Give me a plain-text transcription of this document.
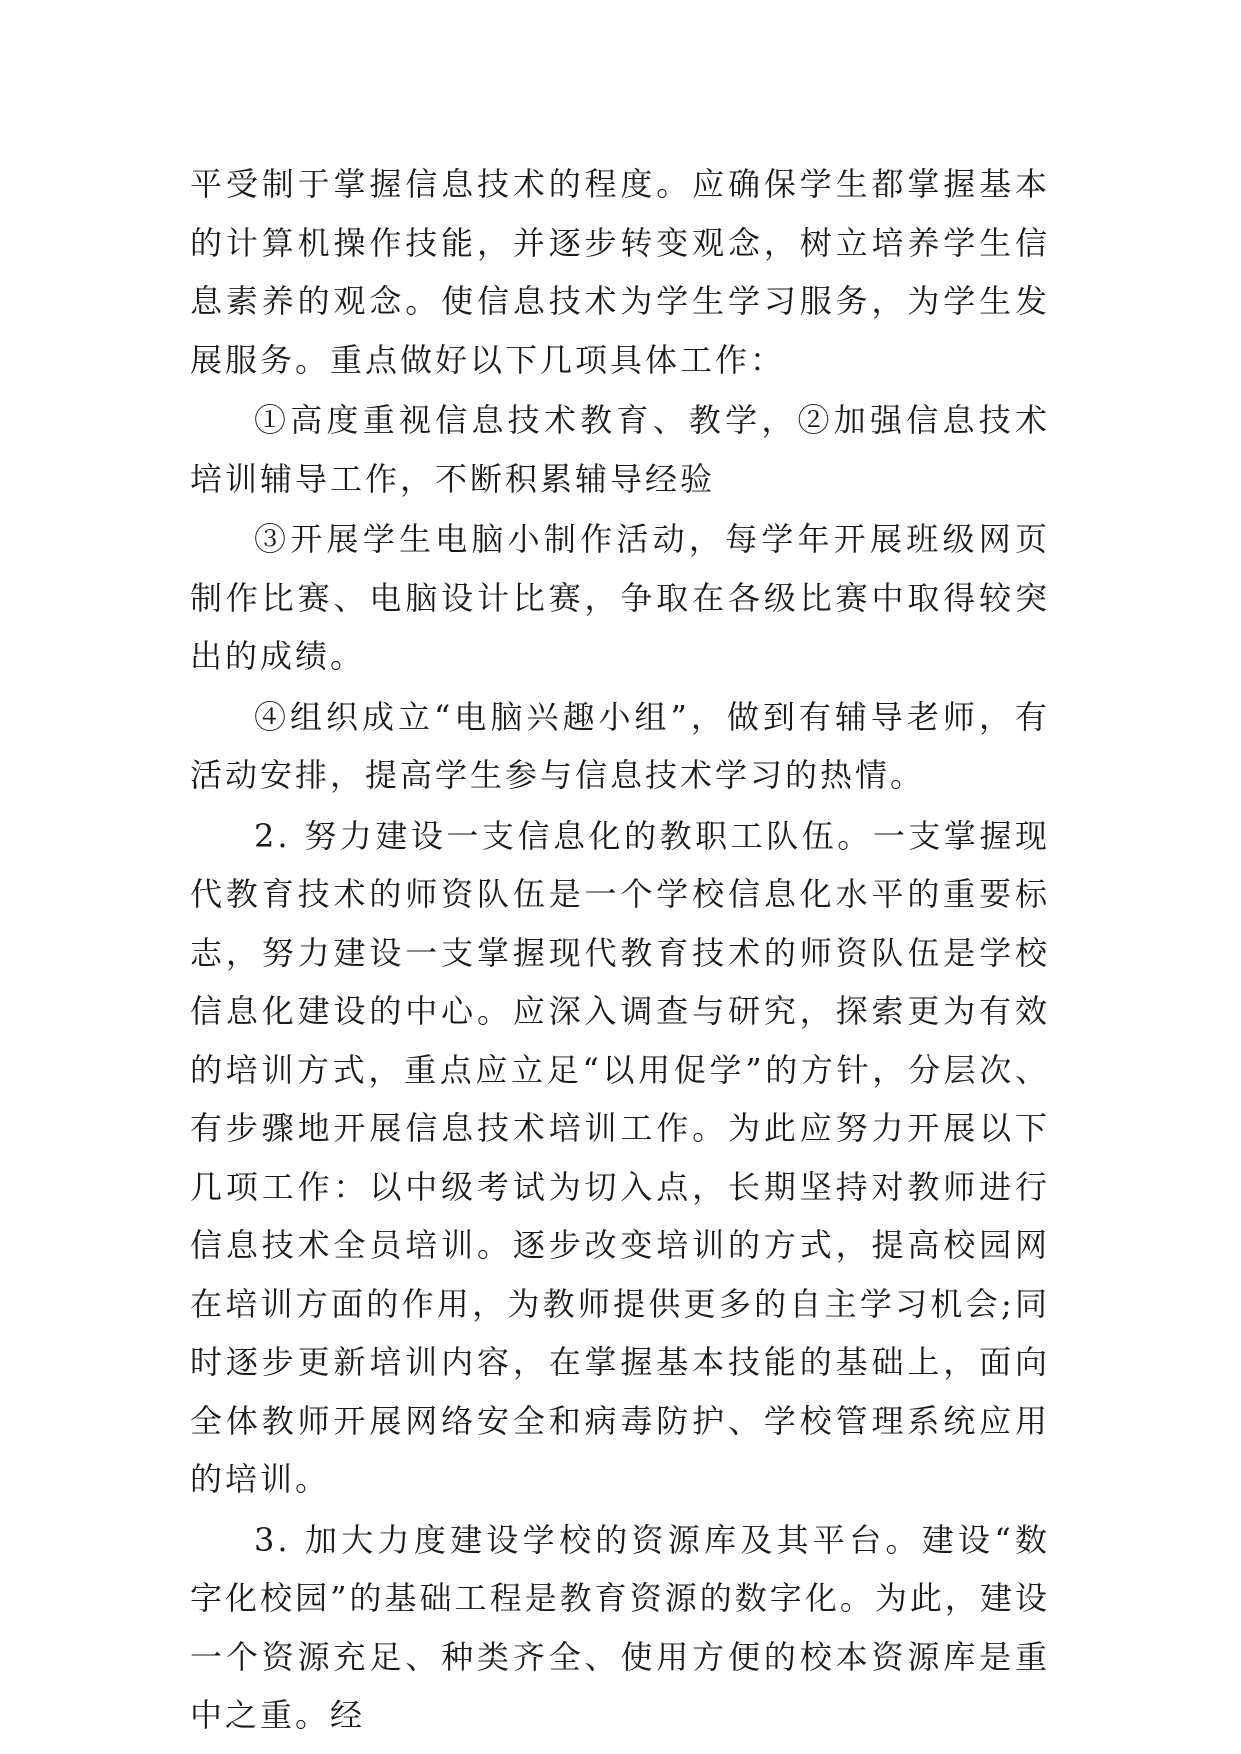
平受制于掌握信息技术的程度。应确保学生都掌握基本的计算机操作技能，并逐步转变观念，树立培养学生信息素养的观念。使信息技术为学生学习服务，为学生发展服务。重点做好以下几项具体工作：

①高度重视信息技术教育、教学，②加强信息技术培训辅导工作，不断积累辅导经验

③开展学生电脑小制作活动，每学年开展班级网页制作比赛、电脑设计比赛，争取在各级比赛中取得较突出的成绩。

④组织成立“电脑兴趣小组”，做到有辅导老师，有活动安排，提高学生参与信息技术学习的热情。

2. 努力建设一支信息化的教职工队伍。一支掌握现代教育技术的师资队伍是一个学校信息化水平的重要标志，努力建设一支掌握现代教育技术的师资队伍是学校信息化建设的中心。应深入调查与研究，探索更为有效的培训方式，重点应立足“以用促学”的方针，分层次、有步骤地开展信息技术培训工作。为此应努力开展以下几项工作：以中级考试为切入点，长期坚持对教师进行信息技术全员培训。逐步改变培训的方式，提高校园网在培训方面的作用，为教师提供更多的自主学习机会;同时逐步更新培训内容，在掌握基本技能的基础上，面向全体教师开展网络安全和病毒防护、学校管理系统应用的培训。

3. 加大力度建设学校的资源库及其平台。建设“数字化校园”的基础工程是教育资源的数字化。为此，建设一个资源充足、种类齐全、使用方便的校本资源库是重中之重。经
